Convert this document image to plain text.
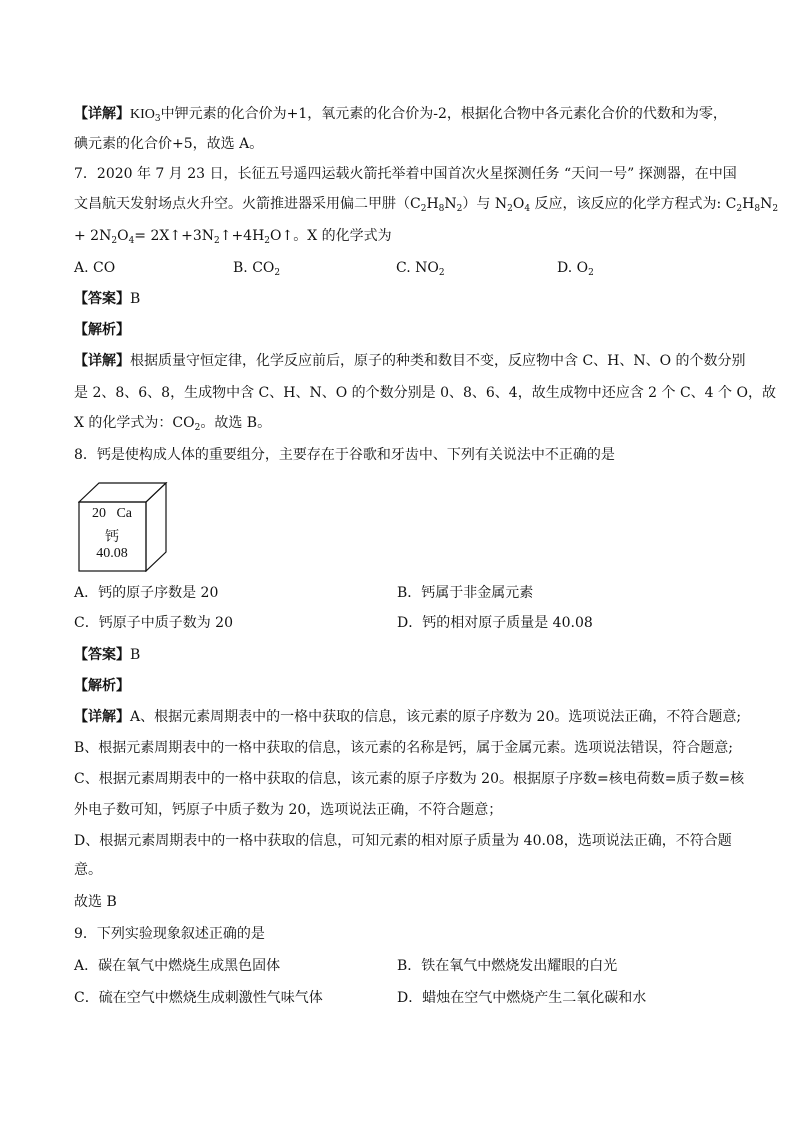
【详解】$KIO_3$中钾元素的化合价为+1，氧元素的化合价为-2，根据化合物中各元素化合价的代数和为零，
碘元素的化合价+5，故选 A。
7．2020 年 7 月 23 日，长征五号遥四运载火箭托举着中国首次火星探测任务 “天问一号” 探测器，在中国
文昌航天发射场点火升空。火箭推进器采用偏二甲肼$(C_2H_8N_2)$与 $N_2O_4$ 反应，该反应的化学方程式为: $C_2H_8N_2$
+ $2N_2O_4=$ $2X↑+3N_2↑+4H_2O↑$。X 的化学式为
A. CO	B. $CO_2$	C. $NO_2$	D. $O_2$
【答案】B
【解析】
【详解】根据质量守恒定律，化学反应前后，原子的种类和数目不变，反应物中含 C、H、N、O 的个数分别
是 2、8、6、8，生成物中含 C、H、N、O 的个数分别是 0、8、6、4，故生成物中还应含 2 个 C、4 个 O，故
X 的化学式为：$CO_2$。故选 B。
8．钙是使构成人体的重要组分，主要存在于谷歌和牙齿中、下列有关说法中不正确的是
20 Ca
钙
40.08
A．钙的原子序数是 20	B．钙属于非金属元素
C．钙原子中质子数为 20	D．钙的相对原子质量是 40.08
【答案】B
【解析】
【详解】A、根据元素周期表中的一格中获取的信息，该元素的原子序数为 20。选项说法正确，不符合题意;
B、根据元素周期表中的一格中获取的信息，该元素的名称是钙，属于金属元素。选项说法错误，符合题意;
C、根据元素周期表中的一格中获取的信息，该元素的原子序数为 20。根据原子序数=核电荷数=质子数=核
外电子数可知，钙原子中质子数为 20，选项说法正确，不符合题意；
D、根据元素周期表中的一格中获取的信息，可知元素的相对原子质量为 40.08，选项说法正确，不符合题
意。
故选 B
9．下列实验现象叙述正确的是
A．碳在氧气中燃烧生成黑色固体	B．铁在氧气中燃烧发出耀眼的白光
C．硫在空气中燃烧生成刺激性气味气体	D．蜡烛在空气中燃烧产生二氧化碳和水
